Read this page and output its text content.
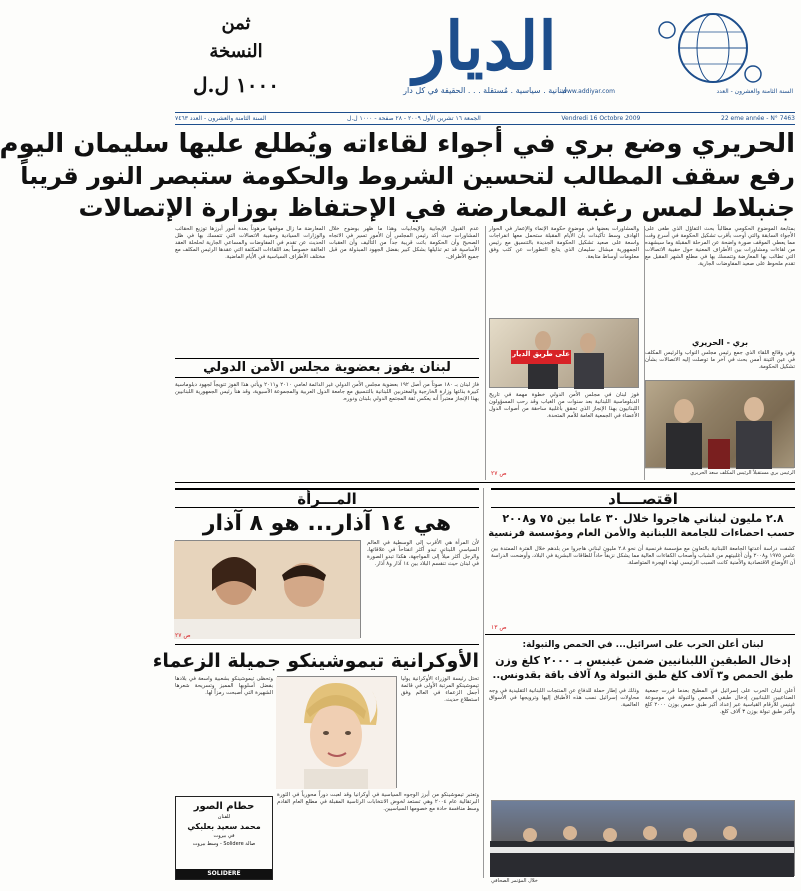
ثمن
النسخة
١٠٠٠ ل.ل	الديار
لبنانية . سياسية . مُستقلة . . . الحقيقة في كل دار	السنة الثامنة والعشرون - العدد
www.addiyar.com
22 eme année - N° 7463
Vendredi 16 Octobre 2009
الجمعة ١٦ تشرين الأول ٢٠٠٩ - ٢٨ صفحة - ١٠٠٠ ل.ل
السنة الثامنة والعشرون - العدد ٧٤٦٣
الحريري وضع بري في أجواء لقاءاته ويُطلع عليها سليمان اليوم
رفع سقف المطالب لتحسين الشروط والحكومة ستبصر النور قريباً
جنبلاط لمس رغبة المعارضة في الإحتفاظ بوزارة الإتصالات
بمتابعة الموضوع الحكومي مطالباً بحث التفاؤل الذي طغى على الأجواء السابقة والتي أوحت بأقرب تشكيل الحكومة في أسرع وقت مما يعطي الموقف صورة واضحة عن المرحلة المقبلة وما سيشهده من لقاءات ومشاورات بين الأطراف المعنية حول حقيبة الاتصالات التي تطالب بها المعارضة وتتمسك بها في مطلع الشهر المقبل مع تقدم ملحوظ على صعيد المفاوضات الجارية.
بري - الحريري
وفي وقائع اللقاء الذي جمع رئيس مجلس النواب والرئيس المكلف في عين التينة أمس بحث في آخر ما توصلت إليه الاتصالات بشأن تشكيل الحكومة.
الرئيس بري مستقبلاً الرئيس المكلف سعد الحريري
والمشاورات بعضها في موضوع حكومة الإنماء والإعمار في الحوار الهادف وسط تأكيدات بأن الأيام المقبلة ستحمل معها انفراجات واسعة على صعيد تشكيل الحكومة الجديدة بالتنسيق مع رئيس الجمهورية ميشال سليمان الذي يتابع التطورات عن كثب وفق معلومات أوساط متابعة.
على طريق الديار
فوز لبنان في مجلس الأمن الدولي خطوة مهمة في تاريخ الدبلوماسية اللبنانية بعد سنوات من الغياب وقد رحب المسؤولون اللبنانيون بهذا الإنجاز الذي تحقق بأغلبية ساحقة من أصوات الدول الأعضاء في الجمعية العامة للأمم المتحدة.
ص ٢٧
المعارضة ما زال موقفها مرهوناً بعدة أمور أبرزها توزيع الحقائب والوزارات السيادية وحقيبة الاتصالات التي تتمسك بها في ظل الحديث عن تقدم في المفاوضات والمساعي الجارية لحلحلة العقد العالقة خصوصاً بعد اللقاءات المكثفة التي عقدها الرئيس المكلف مع مختلف الأطراف السياسية في الأيام الماضية.
عدم القبول الإيجابية والإيجابيات وهذا ما ظهر بوضوح خلال المشاورات حيث أكد رئيس المجلس أن الأمور تسير في الاتجاه الصحيح وأن الحكومة باتت قريبة جداً من التأليف وأن العقبات الأساسية قد تم تذليلها بشكل كبير بفضل الجهود المبذولة من قبل جميع الأطراف.
لبنان يفوز بعضوية مجلس الأمن الدولي
فاز لبنان بـ ١٨٠ صوتاً من أصل ١٩٢ بعضوية مجلس الأمن الدولي غير الدائمة لعامي ٢٠١٠ و٢٠١١ ويأتي هذا الفوز تتويجاً لجهود دبلوماسية كبيرة بذلتها وزارة الخارجية والمغتربين اللبنانية بالتنسيق مع جامعة الدول العربية والمجموعة الآسيوية، وقد هنأ رئيس الجمهورية اللبنانيين بهذا الإنجاز معتبراً أنه يعكس ثقة المجتمع الدولي بلبنان ودوره.
اقتصــــاد
٢.٨ مليون لبناني هاجروا خلال ٣٠ عاما بين ٧٥ و٢٠٠٨
حسب احصاءات للجامعة اللبنانية والأمن العام ومؤسسة فرنسية
كشفت دراسة أعدتها الجامعة اللبنانية بالتعاون مع مؤسسة فرنسية أن نحو ٢.٨ مليون لبناني هاجروا من بلدهم خلال الفترة الممتدة بين عامي ١٩٧٥ و٢٠٠٨ وأن أغلبيتهم من الشباب وأصحاب الكفاءات العالية مما يشكل نزيفاً حاداً للطاقات البشرية في البلاد، وأوضحت الدراسة أن الأوضاع الاقتصادية والأمنية كانت السبب الرئيسي لهذه الهجرة المتواصلة.
ص ١٣
لبنان أعلن الحرب على اسرائيل... في الحمص والتبولة:
إدخال الطبقين اللبنانيين ضمن غينيس بـ ٢٠٠٠ كلغ وزن
طبق الحمص و٣ آلاف كلغ طبق التبولة و٨ آلاف باقة بقدونس..
أعلن لبنان الحرب على إسرائيل في المطبخ بعدما قررت جمعية الصناعيين اللبنانيين إدخال طبقي الحمص والتبولة في موسوعة غينيس للأرقام القياسية عبر إعداد أكبر طبق حمص بوزن ٢٠٠٠ كلغ وأكبر طبق تبولة بوزن ٣ آلاف كلغ.
وذلك في إطار حملة للدفاع عن المنتجات اللبنانية التقليدية في وجه محاولات إسرائيل نسب هذه الأطباق إليها وترويجها في الأسواق العالمية.
خلال المؤتمر الصحافي
المـــرأة
هي ١٤ آذار... هو ٨ آذار
لأن المرأة هي الأقرب إلى الوسطية في العالم السياسي اللبناني تبدو أكثر انفتاحاً في علاقاتها، والرجل أكثر ميلاً إلى المواجهة، هكذا تبدو الصورة في لبنان حيث تنقسم البلاد بين ١٤ آذار و٨ آذار.
ص ٢٧
الأوكرانية تيموشينكو جميلة الزعماء
تحتل رئيسة الوزراء الأوكرانية يوليا تيموشينكو المرتبة الأولى في قائمة أجمل الزعماء في العالم وفق استطلاع حديث.
وتحظى تيموشينكو بشعبية واسعة في بلادها بفضل أسلوبها المميز وتسريحة شعرها الشهيرة التي أصبحت رمزاً لها.
حطام الصور
للفنان
محمد سعيد بعلبكي
في بيروت
صالة Solidere - وسط بيروت
SOLIDERE
وتعتبر تيموشينكو من أبرز الوجوه السياسية في أوكرانيا وقد لعبت دوراً محورياً في الثورة البرتقالية عام ٢٠٠٤ وهي تستعد لخوض الانتخابات الرئاسية المقبلة في مطلع العام القادم وسط منافسة حادة مع خصومها السياسيين.
